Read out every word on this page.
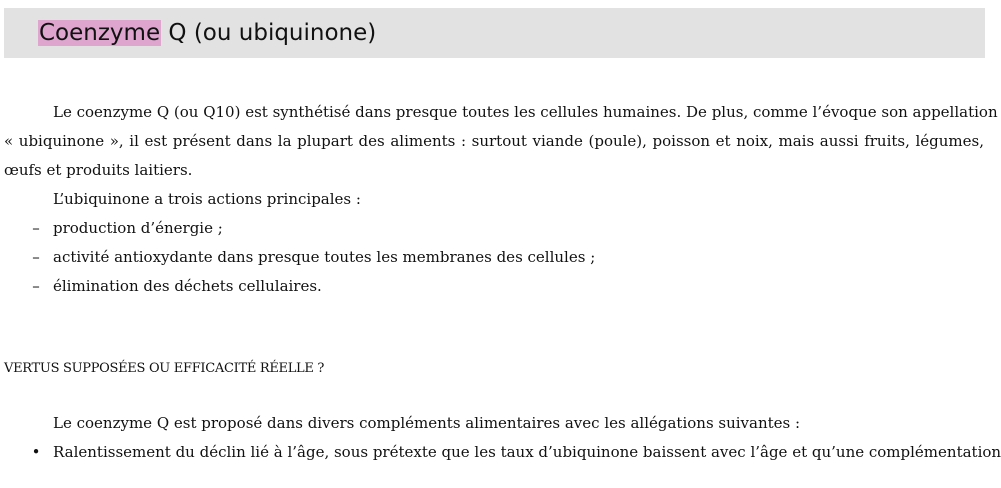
Coenzyme Q (ou ubiquinone)
Le coenzyme Q (ou Q10) est synthétisé dans presque toutes les cellules humaines. De plus, comme l’évoque son appellation
« ubiquinone », il est présent dans la plupart des aliments : surtout viande (poule), poisson et noix, mais aussi fruits, légumes,
œufs et produits laitiers.
L’ubiquinone a trois actions principales :
– production d’énergie ;
– activité antioxydante dans presque toutes les membranes des cellules ;
– élimination des déchets cellulaires.
VERTUS SUPPOSÉES OU EFFICACITÉ RÉELLE ?
Le coenzyme Q est proposé dans divers compléments alimentaires avec les allégations suivantes :
• Ralentissement du déclin lié à l’âge, sous prétexte que les taux d’ubiquinone baissent avec l’âge et qu’une complémentation
